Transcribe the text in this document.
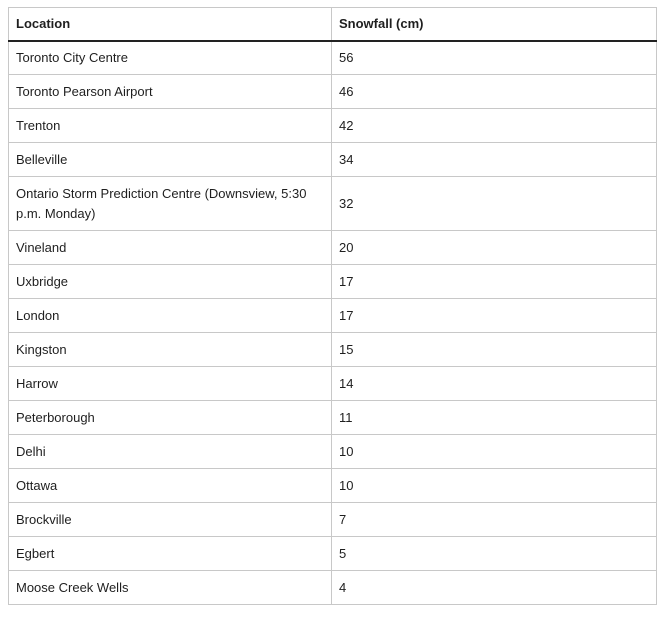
Location	Snowfall (cm)
Toronto City Centre	56
Toronto Pearson Airport	46
Trenton	42
Belleville	34
Ontario Storm Prediction Centre (Downsview, 5:30 p.m. Monday)	32
Vineland	20
Uxbridge	17
London	17
Kingston	15
Harrow	14
Peterborough	11
Delhi	10
Ottawa	10
Brockville	7
Egbert	5
Moose Creek Wells	4
